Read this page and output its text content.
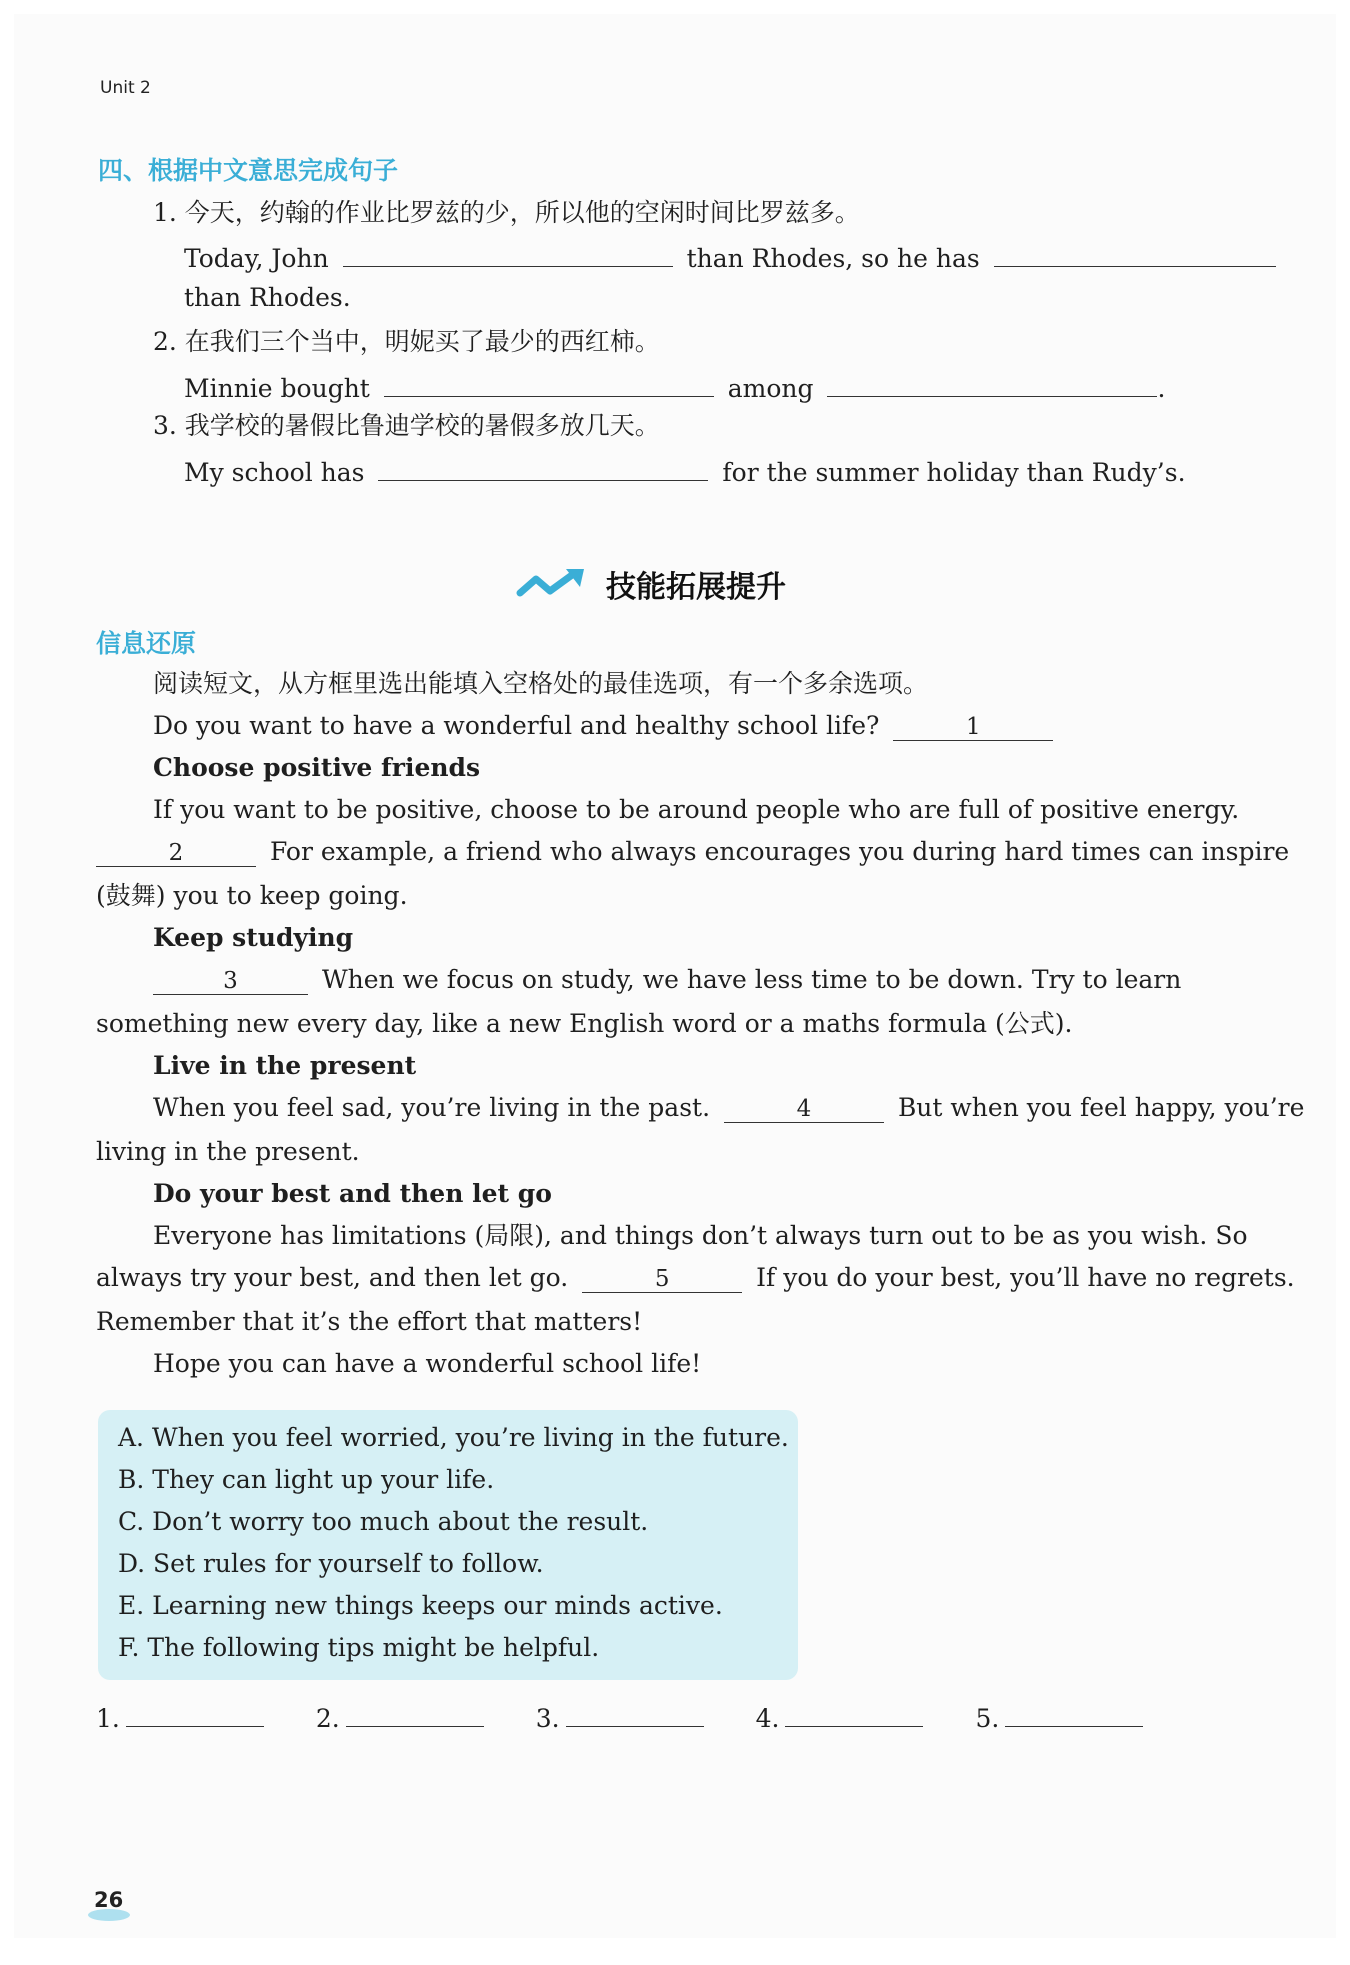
Unit 2
四、根据中文意思完成句子
1. 今天，约翰的作业比罗兹的少，所以他的空闲时间比罗兹多。
Today, John	than Rhodes, so he has
than Rhodes.
2. 在我们三个当中，明妮买了最少的西红柿。
Minnie bought	among	.
3. 我学校的暑假比鲁迪学校的暑假多放几天。
My school has	for the summer holiday than Rudy’s.
技能拓展提升
信息还原
阅读短文，从方框里选出能填入空格处的最佳选项，有一个多余选项。
Do you want to have a wonderful and healthy school life?	1
Choose positive friends
If you want to be positive, choose to be around people who are full of positive energy.
2	For example, a friend who always encourages you during hard times can inspire
(鼓舞) you to keep going.
Keep studying
3	When we focus on study, we have less time to be down. Try to learn
something new every day, like a new English word or a maths formula (公式).
Live in the present
When you feel sad, you’re living in the past.	4	But when you feel happy, you’re
living in the present.
Do your best and then let go
Everyone has limitations (局限), and things don’t always turn out to be as you wish. So
always try your best, and then let go.	5	If you do your best, you’ll have no regrets.
Remember that it’s the effort that matters!
Hope you can have a wonderful school life!
A. When you feel worried, you’re living in the future.
B. They can light up your life.
C. Don’t worry too much about the result.
D. Set rules for yourself to follow.
E. Learning new things keeps our minds active.
F. The following tips might be helpful.
1.	2.	3.	4.	5.
26
